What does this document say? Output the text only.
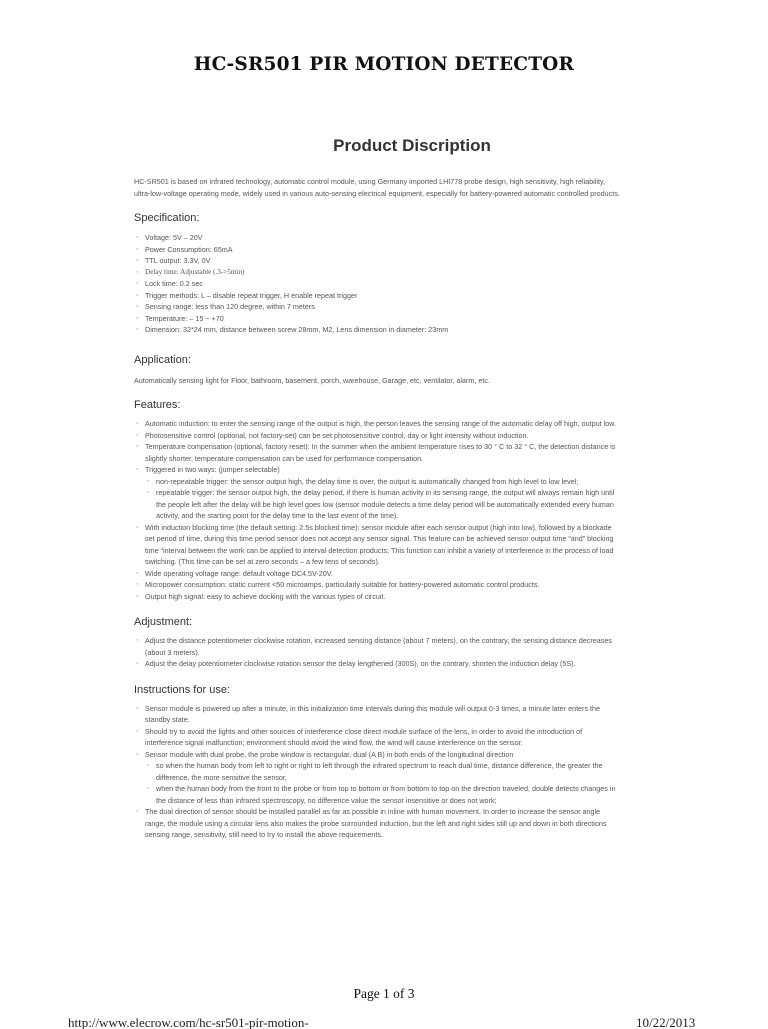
HC-SR501 PIR MOTION DETECTOR
Product Discription

HC-SR501 is based on infrared technology, automatic control module, using Germany imported LHI778 probe design, high sensitivity, high reliability, ultra-low-voltage operating mode, widely used in various auto-sensing electrical equipment, especially for battery-powered automatic controlled products.

Specification:
◦ Voltage: 5V – 20V
◦ Power Consumption: 65mA
◦ TTL output: 3.3V, 0V
◦ Delay time: Adjustable (.3->5min)
◦ Lock time: 0.2 sec
◦ Trigger methods: L – disable repeat trigger, H enable repeat trigger
◦ Sensing range: less than 120 degree, within 7 meters
◦ Temperature: – 15 ~ +70
◦ Dimension: 32*24 mm, distance between screw 28mm, M2, Lens dimension in diameter: 23mm
Application:

Automatically sensing light for Floor, bathroom, basement, porch, warehouse, Garage, etc, ventilator, alarm, etc.

Features:
◦ Automatic induction: to enter the sensing range of the output is high, the person leaves the sensing range of the automatic delay off high, output low.
◦ Photosensitive control (optional, not factory-set) can be set photosensitive control, day or light intensity without induction.
◦ Temperature compensation (optional, factory reset): In the summer when the ambient temperature rises to 30 ° C to 32 ° C, the detection distance is slightly shorter, temperature compensation can be used for performance compensation.
◦ Triggered in two ways: (jumper selectable)
◦ non-repeatable trigger: the sensor output high, the delay time is over, the output is automatically changed from high level to low level;
◦ repeatable trigger: the sensor output high, the delay period, if there is human activity in its sensing range, the output will always remain high until the people left after the delay will be high level goes low (sensor module detects a time delay period will be automatically extended every human activity, and the starting point for the delay time to the last event of the time).
◦ With induction blocking time (the default setting: 2.5s blocked time): sensor module after each sensor output (high into low), followed by a blockade set period of time, during this time period sensor does not accept any sensor signal. This feature can be achieved sensor output time “and” blocking time “interval between the work can be applied to interval detection products; This function can inhibit a variety of interference in the process of load switching. (This time can be set at zero seconds – a few tens of seconds).
◦ Wide operating voltage range: default voltage DC4.5V-20V.
◦ Micropower consumption: static current <50 microamps, particularly suitable for battery-powered automatic control products.
◦ Output high signal: easy to achieve docking with the various types of circuit.
Adjustment:
◦ Adjust the distance potentiometer clockwise rotation, increased sensing distance (about 7 meters), on the contrary, the sensing distance decreases (about 3 meters).
◦ Adjust the delay potentiometer clockwise rotation sensor the delay lengthened (300S), on the contrary, shorten the induction delay (5S).
Instructions for use:
◦ Sensor module is powered up after a minute, in this initialization time intervals during this module will output 0-3 times, a minute later enters the standby state.
◦ Should try to avoid the lights and other sources of interference close direct module surface of the lens, in order to avoid the introduction of interference signal malfunction; environment should avoid the wind flow, the wind will cause interference on the sensor.
◦ Sensor module with dual probe, the probe window is rectangular, dual (A B) in both ends of the longitudinal direction
◦ so when the human body from left to right or right to left through the infrared spectrum to reach dual time, distance difference, the greater the difference, the more sensitive the sensor,
◦ when the human body from the front to the probe or from top to bottom or from bottom to top on the direction traveled, double detects changes in the distance of less than infrared spectroscopy, no difference value the sensor insensitive or does not work;
◦ The dual direction of sensor should be installed parallel as far as possible in inline with human movement. In order to increase the sensor angle range, the module using a circular lens also makes the probe surrounded induction, but the left and right sides still up and down in both directions sensing range, sensitivity, still need to try to install the above requirements.
Page 1 of 3
http://www.elecrow.com/hc-sr501-pir-motion-	10/22/2013
